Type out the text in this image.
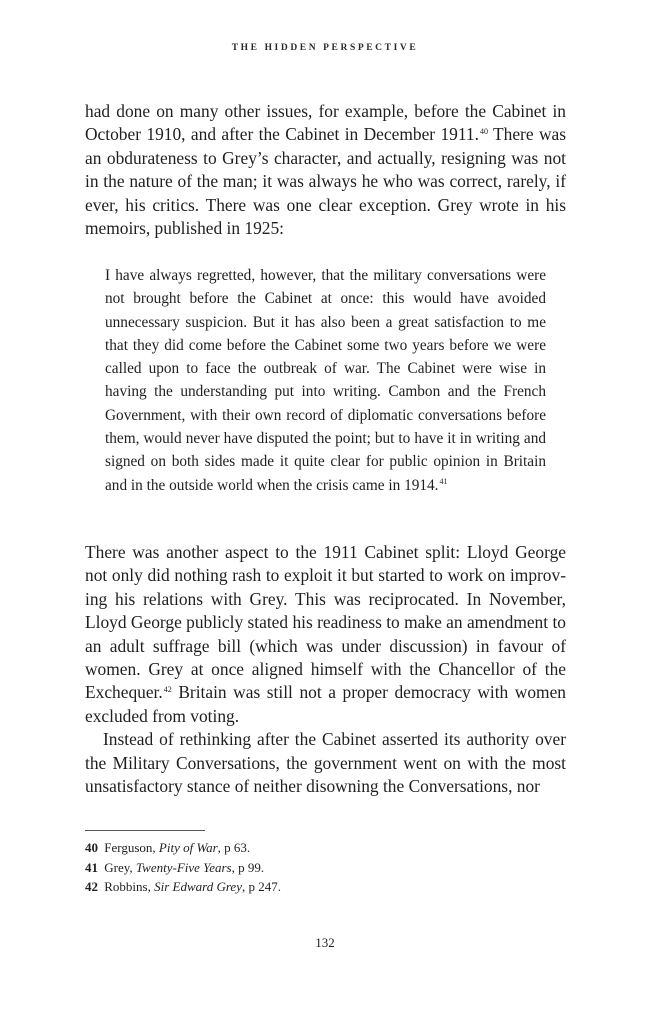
THE HIDDEN PERSPECTIVE

had done on many other issues, for example, before the Cabinet in October 1910, and after the Cabinet in December 1911.40 There was an obdurateness to Grey’s character, and actually, resigning was not in the nature of the man; it was always he who was correct, rarely, if ever, his critics. There was one clear exception. Grey wrote in his memoirs, published in 1925:

I have always regretted, however, that the military conversations were not brought before the Cabinet at once: this would have avoided unnecessary suspicion. But it has also been a great satisfaction to me that they did come before the Cabinet some two years before we were called upon to face the outbreak of war. The Cabinet were wise in having the understanding put into writing. Cambon and the French Government, with their own record of diplomatic conversations before them, would never have disputed the point; but to have it in writing and signed on both sides made it quite clear for public opinion in Britain and in the outside world when the crisis came in 1914.41

There was another aspect to the 1911 Cabinet split: Lloyd George not only did nothing rash to exploit it but started to work on improving his relations with Grey. This was reciprocated. In November, Lloyd George publicly stated his readiness to make an amendment to an adult suffrage bill (which was under discussion) in favour of women. Grey at once aligned himself with the Chancellor of the Exchequer.$^{42}$ Britain was still not a proper democracy with women excluded from voting.

Instead of rethinking after the Cabinet asserted its authority over the Military Conversations, the government went on with the most unsatisfactory stance of neither disowning the Conversations, nor

40 Ferguson, Pity of War, p 63.

41 Grey, Twenty-Five Years, p 99.

42 Robbins, Sir Edward Grey, p 247.

132
